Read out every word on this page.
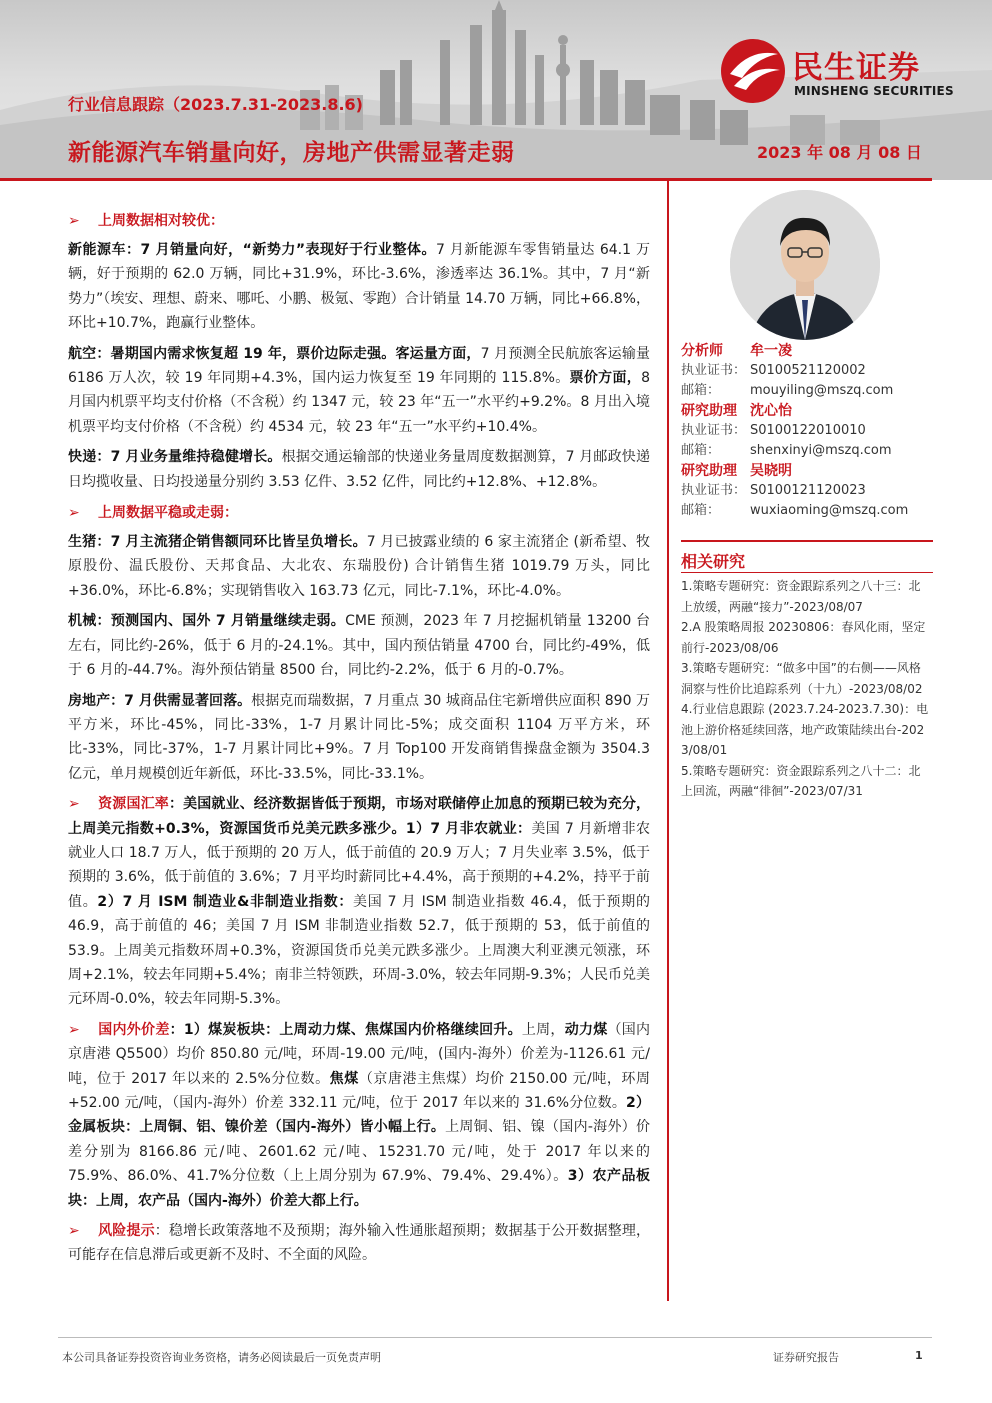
民生证券
MINSHENG SECURITIES
行业信息跟踪（2023.7.31-2023.8.6)
新能源汽车销量向好，房地产供需显著走弱	2023 年 08 月 08 日
➢ 上周数据相对较优：

新能源车：7 月销量向好，“新势力”表现好于行业整体。7 月新能源车零售销量达 64.1 万辆，好于预期的 62.0 万辆，同比+31.9%，环比-3.6%，渗透率达 36.1%。其中，7 月“新势力”（埃安、理想、蔚来、哪吒、小鹏、极氪、零跑）合计销量 14.70 万辆，同比+66.8%，环比+10.7%，跑赢行业整体。

航空：暑期国内需求恢复超 19 年，票价边际走强。客运量方面，7 月预测全民航旅客运输量 6186 万人次，较 19 年同期+4.3%，国内运力恢复至 19 年同期的 115.8%。票价方面，8 月国内机票平均支付价格（不含税）约 1347 元，较 23 年“五一”水平约+9.2%。8 月出入境机票平均支付价格（不含税）约 4534 元，较 23 年“五一”水平约+10.4%。

快递：7 月业务量维持稳健增长。根据交通运输部的快递业务量周度数据测算，7 月邮政快递日均揽收量、日均投递量分别约 3.53 亿件、3.52 亿件，同比约+12.8%、+12.8%。

➢ 上周数据平稳或走弱：

生猪：7 月主流猪企销售额同环比皆呈负增长。7 月已披露业绩的 6 家主流猪企 (新希望、牧原股份、温氏股份、天邦食品、大北农、东瑞股份) 合计销售生猪 1019.79 万头，同比+36.0%，环比-6.8%；实现销售收入 163.73 亿元，同比-7.1%，环比-4.0%。

机械：预测国内、国外 7 月销量继续走弱。CME 预测，2023 年 7 月挖掘机销量 13200 台左右，同比约-26%，低于 6 月的-24.1%。其中，国内预估销量 4700 台，同比约-49%，低于 6 月的-44.7%。海外预估销量 8500 台，同比约-2.2%，低于 6 月的-0.7%。

房地产：7 月供需显著回落。根据克而瑞数据，7 月重点 30 城商品住宅新增供应面积 890 万平方米，环比-45%，同比-33%，1-7 月累计同比-5%；成交面积 1104 万平方米，环比-33%，同比-37%，1-7 月累计同比+9%。7 月 Top100 开发商销售操盘金额为 3504.3 亿元，单月规模创近年新低，环比-33.5%，同比-33.1%。

➢ 资源国汇率：美国就业、经济数据皆低于预期，市场对联储停止加息的预期已较为充分，上周美元指数+0.3%，资源国货币兑美元跌多涨少。1）7 月非农就业：美国 7 月新增非农就业人口 18.7 万人，低于预期的 20 万人，低于前值的 20.9 万人；7 月失业率 3.5%，低于预期的 3.6%，低于前值的 3.6%；7 月平均时薪同比+4.4%，高于预期的+4.2%，持平于前值。2）7 月 ISM 制造业&非制造业指数：美国 7 月 ISM 制造业指数 46.4，低于预期的 46.9，高于前值的 46；美国 7 月 ISM 非制造业指数 52.7，低于预期的 53，低于前值的 53.9。上周美元指数环周+0.3%，资源国货币兑美元跌多涨少。上周澳大利亚澳元领涨，环周+2.1%，较去年同期+5.4%；南非兰特领跌，环周-3.0%，较去年同期-9.3%；人民币兑美元环周-0.0%，较去年同期-5.3%。

➢ 国内外价差：1）煤炭板块：上周动力煤、焦煤国内价格继续回升。上周，动力煤（国内京唐港 Q5500）均价 850.80 元/吨，环周-19.00 元/吨，(国内-海外）价差为-1126.61 元/吨，位于 2017 年以来的 2.5%分位数。焦煤（京唐港主焦煤）均价 2150.00 元/吨，环周+52.00 元/吨，（国内-海外）价差 332.11 元/吨，位于 2017 年以来的 31.6%分位数。2）金属板块：上周铜、铝、镍价差（国内-海外）皆小幅上行。上周铜、铝、镍（国内-海外）价差分别为 8166.86 元/吨、2601.62 元/吨、15231.70 元/吨，处于 2017 年以来的 75.9%、86.0%、41.7%分位数（上上周分别为 67.9%、79.4%、29.4%）。3）农产品板块：上周，农产品（国内-海外）价差大都上行。

➢ 风险提示：稳增长政策落地不及预期；海外输入性通胀超预期；数据基于公开数据整理，可能存在信息滞后或更新不及时、不全面的风险。

分析师 牟一凌
执业证书： S0100521120002
邮箱： mouyiling@mszq.com
研究助理 沈心怡
执业证书： S0100122010010
邮箱： shenxinyi@mszq.com
研究助理 吴晓明
执业证书： S0100121120023
邮箱： wuxiaoming@mszq.com
相关研究
1.策略专题研究：资金跟踪系列之八十三：北上放缓，两融“接力”-2023/08/07
2.A 股策略周报 20230806：春风化雨，坚定前行-2023/08/06
3.策略专题研究：“做多中国”的右侧——风格洞察与性价比追踪系列（十九）-2023/08/02
4.行业信息跟踪 (2023.7.24-2023.7.30)：电池上游价格延续回落，地产政策陆续出台-2023/08/01
5.策略专题研究：资金跟踪系列之八十二：北上回流，两融“徘徊”-2023/07/31
本公司具备证券投资咨询业务资格，请务必阅读最后一页免责声明	证券研究报告	1
